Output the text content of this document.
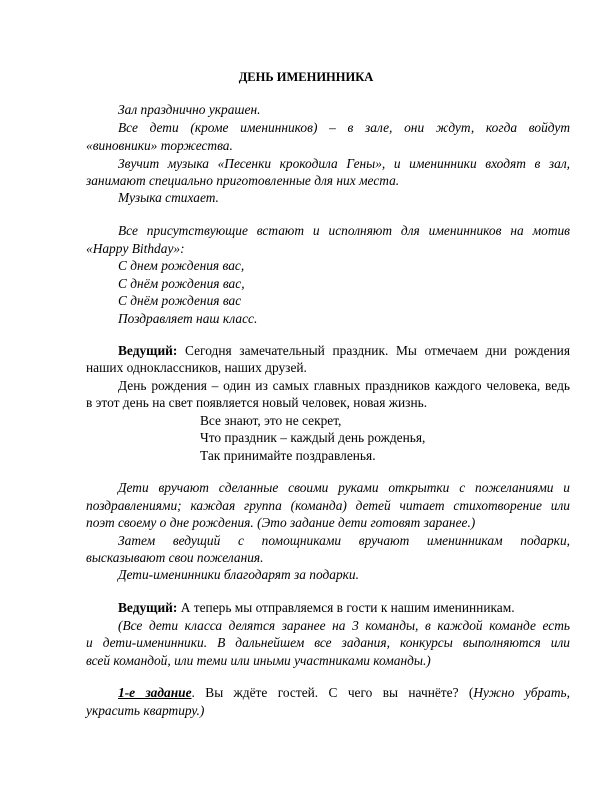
ДЕНЬ ИМЕНИННИКА
Зал празднично украшен.
Все дети (кроме именинников) – в зале, они ждут, когда войдут
«виновники» торжества.
Звучит музыка «Песенки крокодила Гены», и именинники входят в зал,
занимают специально приготовленные для них места.
Музыка стихает.
Все присутствующие встают и исполняют для именинников на мотив
«Happy Bithday»:
С днем рождения вас,
С днём рождения вас,
С днём рождения вас
Поздравляет наш класс.
Ведущий: Сегодня замечательный праздник. Мы отмечаем дни рождения
наших одноклассников, наших друзей.
День рождения – один из самых главных праздников каждого человека, ведь
в этот день на свет появляется новый человек, новая жизнь.
Все знают, это не секрет,
Что праздник – каждый день рожденья,
Так принимайте поздравленья.
Дети вручают сделанные своими руками открытки с пожеланиями и
поздравлениями; каждая группа (команда) детей читает стихотворение или
поэт своему о дне рождения. (Это задание дети готовят заранее.)
Затем ведущий с помощниками вручают именинникам подарки,
высказывают свои пожелания.
Дети-именинники благодарят за подарки.
Ведущий: А теперь мы отправляемся в гости к нашим именинникам.
(Все дети класса делятся заранее на 3 команды, в каждой команде есть
и дети-именинники. В дальнейшем все задания, конкурсы выполняются или
всей командой, или теми или иными участниками команды.)
1-е задание. Вы ждёте гостей. С чего вы начнёте? (Нужно убрать,
украсить квартиру.)
